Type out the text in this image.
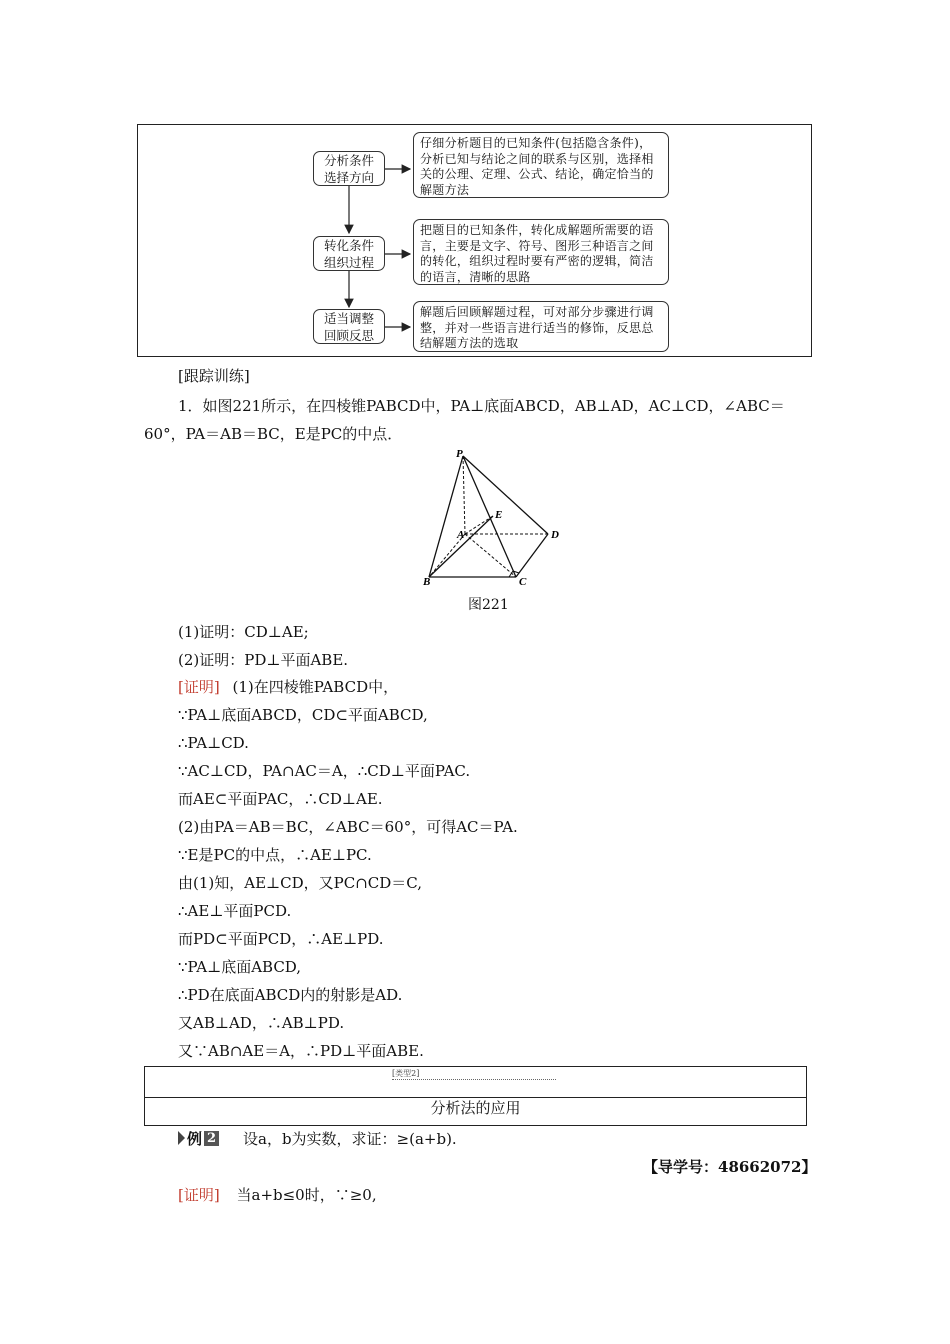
分析条件
选择方向
转化条件
组织过程
适当调整
回顾反思
仔细分析题目的已知条件(包括隐含条件)，分析已知与结论之间的联系与区别，选择相关的公理、定理、公式、结论，确定恰当的解题方法
把题目的已知条件，转化成解题所需要的语言，主要是文字、符号、图形三种语言之间的转化，组织过程时要有严密的逻辑，简洁的语言，清晰的思路
解题后回顾解题过程，可对部分步骤进行调整，并对一些语言进行适当的修饰，反思总结解题方法的选取
[跟踪训练]
1．如图221所示，在四棱锥PABCD中，PA⊥底面ABCD，AB⊥AD，AC⊥CD，∠ABC＝
60°，PA＝AB＝BC，E是PC的中点．
P
A
E
D
B	C
图221
(1)证明：CD⊥AE;
(2)证明：PD⊥平面ABE.
[证明] (1)在四棱锥PABCD中，
∵PA⊥底面ABCD，CD⊂平面ABCD,
∴PA⊥CD.
∵AC⊥CD，PA∩AC＝A，∴CD⊥平面PAC.
而AE⊂平面PAC，∴CD⊥AE.
(2)由PA＝AB＝BC，∠ABC＝60°，可得AC＝PA.
∵E是PC的中点，∴AE⊥PC.
由(1)知，AE⊥CD，又PC∩CD＝C,
∴AE⊥平面PCD.
而PD⊂平面PCD，∴AE⊥PD.
∵PA⊥底面ABCD,
∴PD在底面ABCD内的射影是AD.
又AB⊥AD，∴AB⊥PD.
又∵AB∩AE＝A，∴PD⊥平面ABE.
[类型2]
分析法的应用
例 2 设a，b为实数，求证：≥(a+b).
【导学号：48662072】
[证明] 当a+b≤0时，∵≥0,
